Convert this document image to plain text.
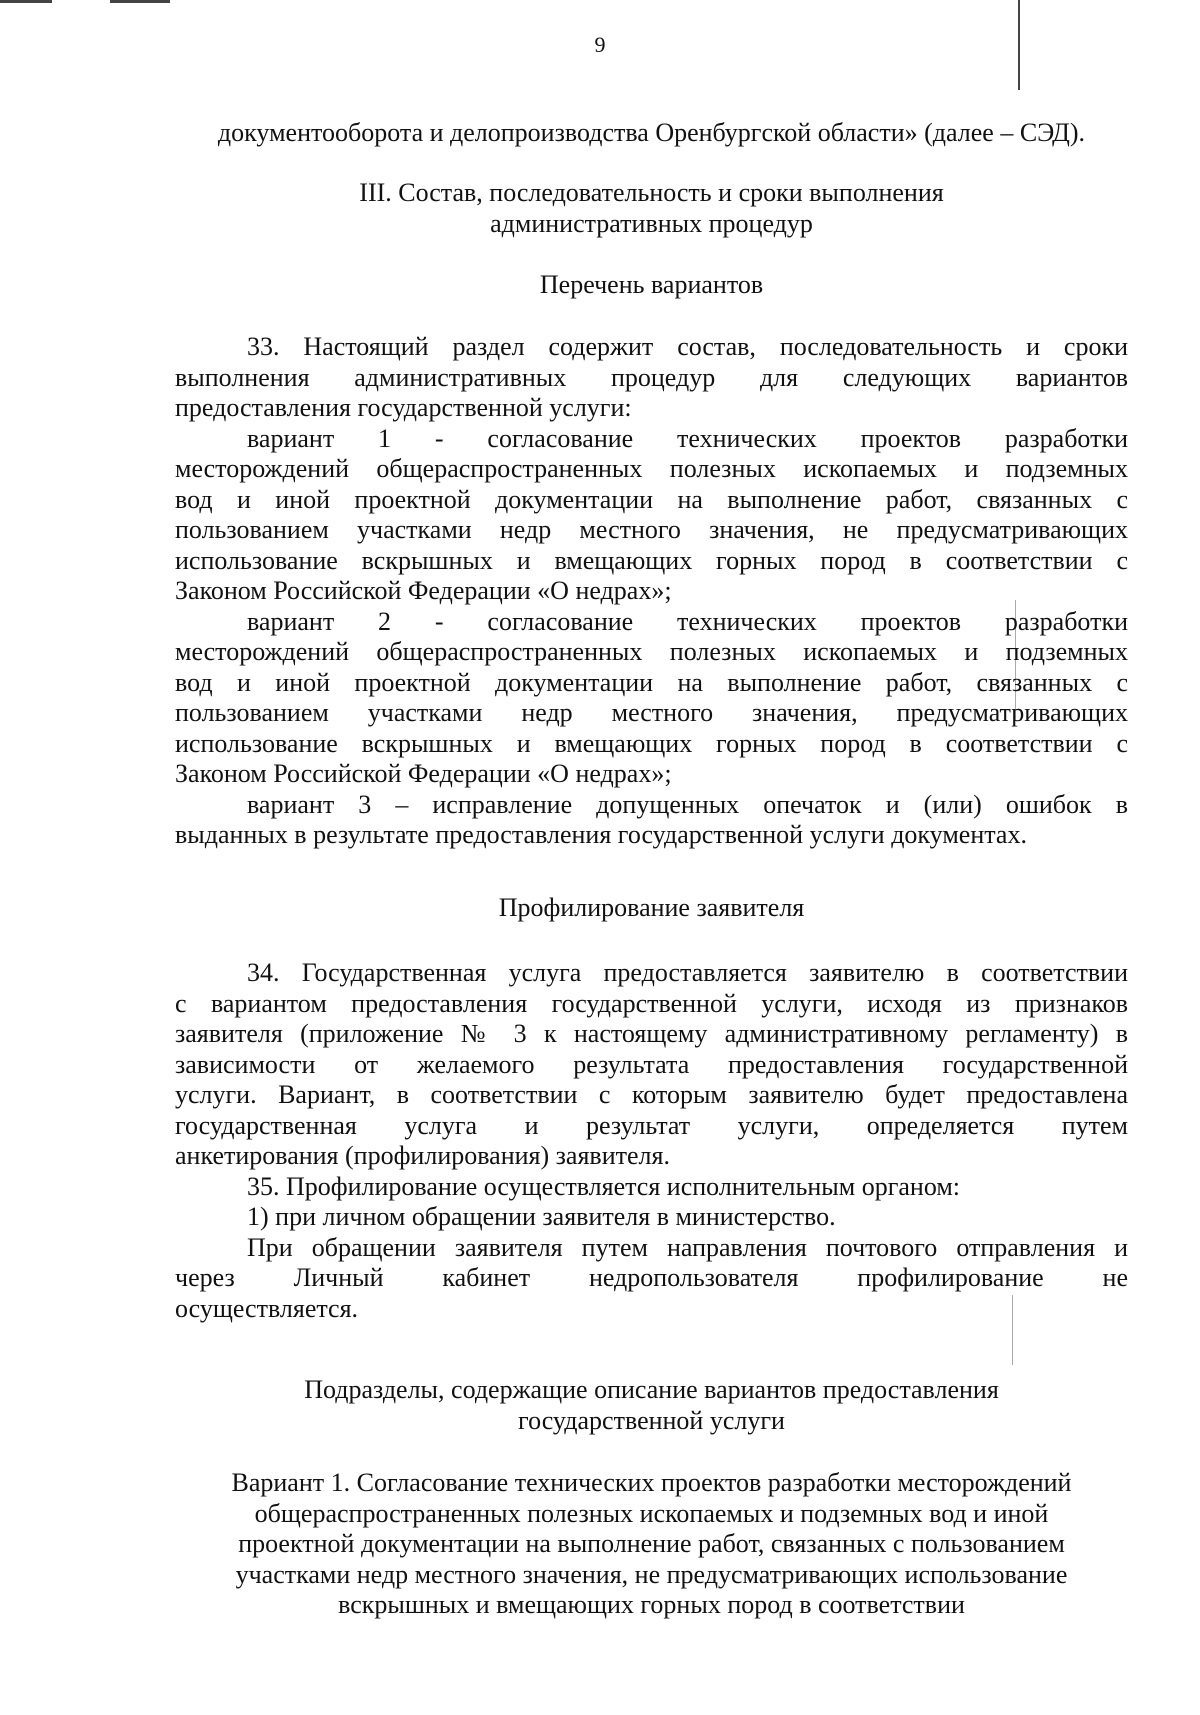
9

документооборота и делопроизводства Оренбургской области» (далее – СЭД).

III. Состав, последовательность и сроки выполнения

административных процедур

Перечень вариантов

33. Настоящий раздел содержит состав, последовательность и сроки

выполнения административных процедур для следующих вариантов

предоставления государственной услуги:

вариант 1 - согласование технических проектов разработки

месторождений общераспространенных полезных ископаемых и подземных

вод и иной проектной документации на выполнение работ, связанных с

пользованием участками недр местного значения, не предусматривающих

использование вскрышных и вмещающих горных пород в соответствии с

Законом Российской Федерации «О недрах»;

вариант 2 - согласование технических проектов разработки

месторождений общераспространенных полезных ископаемых и подземных

вод и иной проектной документации на выполнение работ, связанных с

пользованием участками недр местного значения, предусматривающих

использование вскрышных и вмещающих горных пород в соответствии с

Законом Российской Федерации «О недрах»;

вариант 3 – исправление допущенных опечаток и (или) ошибок в

выданных в результате предоставления государственной услуги документах.

Профилирование заявителя

34. Государственная услуга предоставляется заявителю в соответствии

с вариантом предоставления государственной услуги, исходя из признаков

заявителя (приложение № 3 к настоящему административному регламенту) в

зависимости от желаемого результата предоставления государственной

услуги. Вариант, в соответствии с которым заявителю будет предоставлена

государственная услуга и результат услуги, определяется путем

анкетирования (профилирования) заявителя.

35. Профилирование осуществляется исполнительным органом:

1) при личном обращении заявителя в министерство.

При обращении заявителя путем направления почтового отправления и

через Личный кабинет недропользователя профилирование не

осуществляется.

Подразделы, содержащие описание вариантов предоставления

государственной услуги

Вариант 1. Согласование технических проектов разработки месторождений

общераспространенных полезных ископаемых и подземных вод и иной

проектной документации на выполнение работ, связанных с пользованием

участками недр местного значения, не предусматривающих использование

вскрышных и вмещающих горных пород в соответствии
